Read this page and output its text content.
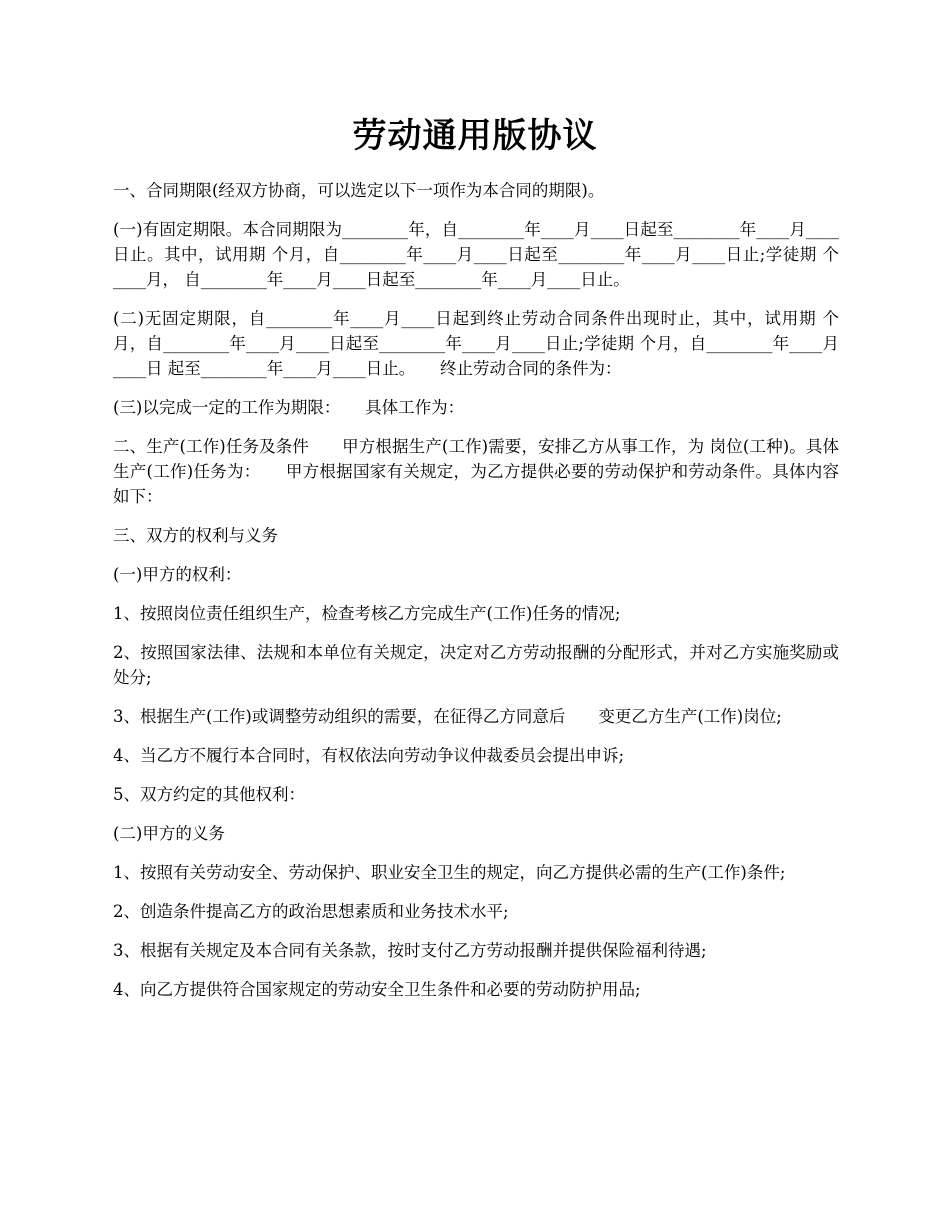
劳动通用版协议

一、合同期限(经双方协商，可以选定以下一项作为本合同的期限)。

(一)有固定期限。本合同期限为________年，自________年____月____日起至________年____月____日止。其中，试用期 个月，自________年____月____日起至________年____月____日止;学徒期 个____月， 自________年____月____日起至________年____月____日止。

(二)无固定期限，自________年____月____日起到终止劳动合同条件出现时止，其中，试用期 个月，自________年____月____日起至________年____月____日止;学徒期 个月，自________年____月____日 起至________年____月____日止。　　终止劳动合同的条件为：

(三)以完成一定的工作为期限：　　具体工作为：

二、生产(工作)任务及条件　　甲方根据生产(工作)需要，安排乙方从事工作，为 岗位(工种)。具体生产(工作)任务为：　　甲方根据国家有关规定，为乙方提供必要的劳动保护和劳动条件。具体内容如下：

三、双方的权利与义务

(一)甲方的权利：

1、按照岗位责任组织生产，检查考核乙方完成生产(工作)任务的情况;

2、按照国家法律、法规和本单位有关规定，决定对乙方劳动报酬的分配形式，并对乙方实施奖励或处分;

3、根据生产(工作)或调整劳动组织的需要，在征得乙方同意后　　变更乙方生产(工作)岗位;

4、当乙方不履行本合同时，有权依法向劳动争议仲裁委员会提出申诉;

5、双方约定的其他权利：

(二)甲方的义务

1、按照有关劳动安全、劳动保护、职业安全卫生的规定，向乙方提供必需的生产(工作)条件;

2、创造条件提高乙方的政治思想素质和业务技术水平;

3、根据有关规定及本合同有关条款，按时支付乙方劳动报酬并提供保险福利待遇;

4、向乙方提供符合国家规定的劳动安全卫生条件和必要的劳动防护用品;
